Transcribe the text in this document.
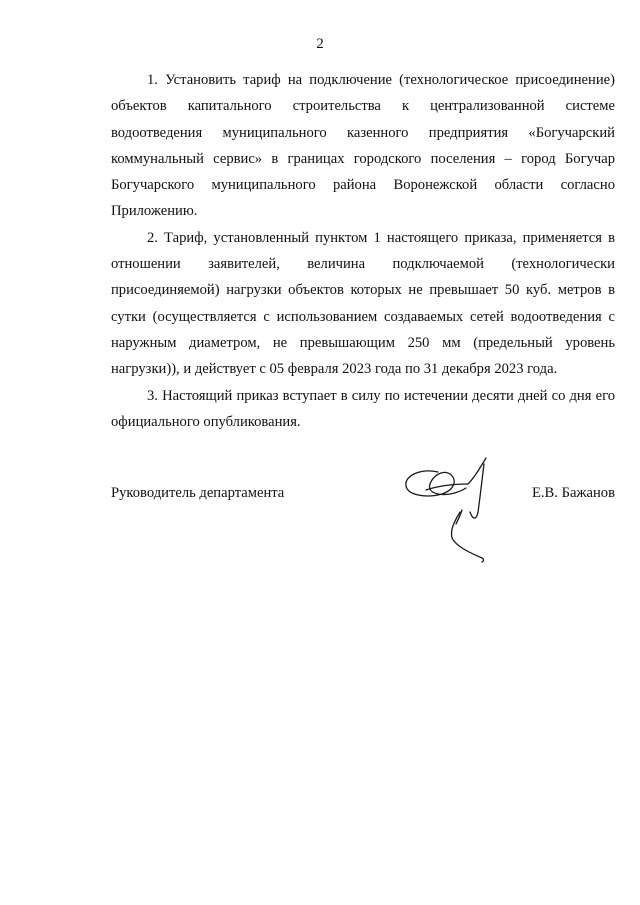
2

1. Установить тариф на подключение (технологическое присоединение) объектов капитального строительства к централизованной системе водоотведения муниципального казенного предприятия «Богучарский коммунальный сервис» в границах городского поселения – город Богучар Богучарского муниципального района Воронежской области согласно Приложению.

2. Тариф, установленный пунктом 1 настоящего приказа, применяется в отношении заявителей, величина подключаемой (технологически присоединяемой) нагрузки объектов которых не превышает 50 куб. метров в сутки (осуществляется с использованием создаваемых сетей водоотведения с наружным диаметром, не превышающим 250 мм (предельный уровень нагрузки)), и действует с 05 февраля 2023 года по 31 декабря 2023 года.

3. Настоящий приказ вступает в силу по истечении десяти дней со дня его официального опубликования.

Руководитель департамента	Е.В. Бажанов
